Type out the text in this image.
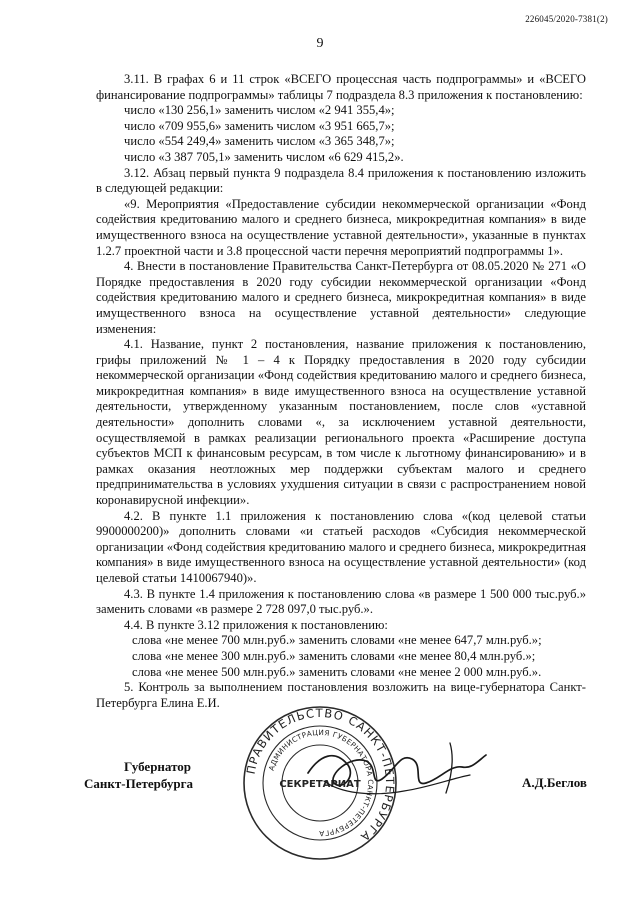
226045/2020-7381(2)
9

3.11. В графах 6 и 11 строк «ВСЕГО процессная часть подпрограммы» и «ВСЕГО финансирование подпрограммы» таблицы 7 подраздела 8.3 приложения к постановлению:

число «130 256,1» заменить числом «2 941 355,4»;

число «709 955,6» заменить числом «3 951 665,7»;

число «554 249,4» заменить числом «3 365 348,7»;

число «3 387 705,1» заменить числом «6 629 415,2».

3.12. Абзац первый пункта 9 подраздела 8.4 приложения к постановлению изложить в следующей редакции:

«9. Мероприятия «Предоставление субсидии некоммерческой организации «Фонд содействия кредитованию малого и среднего бизнеса, микрокредитная компания» в виде имущественного взноса на осуществление уставной деятельности», указанные в пунктах 1.2.7 проектной части и 3.8 процессной части перечня мероприятий подпрограммы 1».

4. Внести в постановление Правительства Санкт-Петербурга от 08.05.2020 № 271 «О Порядке предоставления в 2020 году субсидии некоммерческой организации «Фонд содействия кредитованию малого и среднего бизнеса, микрокредитная компания» в виде имущественного взноса на осуществление уставной деятельности» следующие изменения:

4.1. Название, пункт 2 постановления, название приложения к постановлению, грифы приложений № 1 – 4 к Порядку предоставления в 2020 году субсидии некоммерческой организации «Фонд содействия кредитованию малого и среднего бизнеса, микрокредитная компания» в виде имущественного взноса на осуществление уставной деятельности, утвержденному указанным постановлением, после слов «уставной деятельности» дополнить словами «, за исключением уставной деятельности, осуществляемой в рамках реализации регионального проекта «Расширение доступа субъектов МСП к финансовым ресурсам, в том числе к льготному финансированию» и в рамках оказания неотложных мер поддержки субъектам малого и среднего предпринимательства в условиях ухудшения ситуации в связи с распространением новой коронавирусной инфекции».

4.2. В пункте 1.1 приложения к постановлению слова «(код целевой статьи 9900000200)» дополнить словами «и статьей расходов «Субсидия некоммерческой организации «Фонд содействия кредитованию малого и среднего бизнеса, микрокредитная компания» в виде имущественного взноса на осуществление уставной деятельности» (код целевой статьи 1410067940)».

4.3. В пункте 1.4 приложения к постановлению слова «в размере 1 500 000 тыс.руб.» заменить словами «в размере 2 728 097,0 тыс.руб.».

4.4. В пункте 3.12 приложения к постановлению:

слова «не менее 700 млн.руб.» заменить словами «не менее 647,7 млн.руб.»;

слова «не менее 300 млн.руб.» заменить словами «не менее 80,4 млн.руб.»;

слова «не менее 500 млн.руб.» заменить словами «не менее 2 000 млн.руб.».

5. Контроль за выполнением постановления возложить на вице-губернатора Санкт-Петербурга Елина Е.И.

Губернатор
Санкт-Петербурга
ПРАВИТЕЛЬСТВО САНКТ-ПЕТЕРБУРГА
АДМИНИСТРАЦИЯ ГУБЕРНАТОРА САНКТ-ПЕТЕРБУРГА
СЕКРЕТАРИАТ	А.Д.Беглов
